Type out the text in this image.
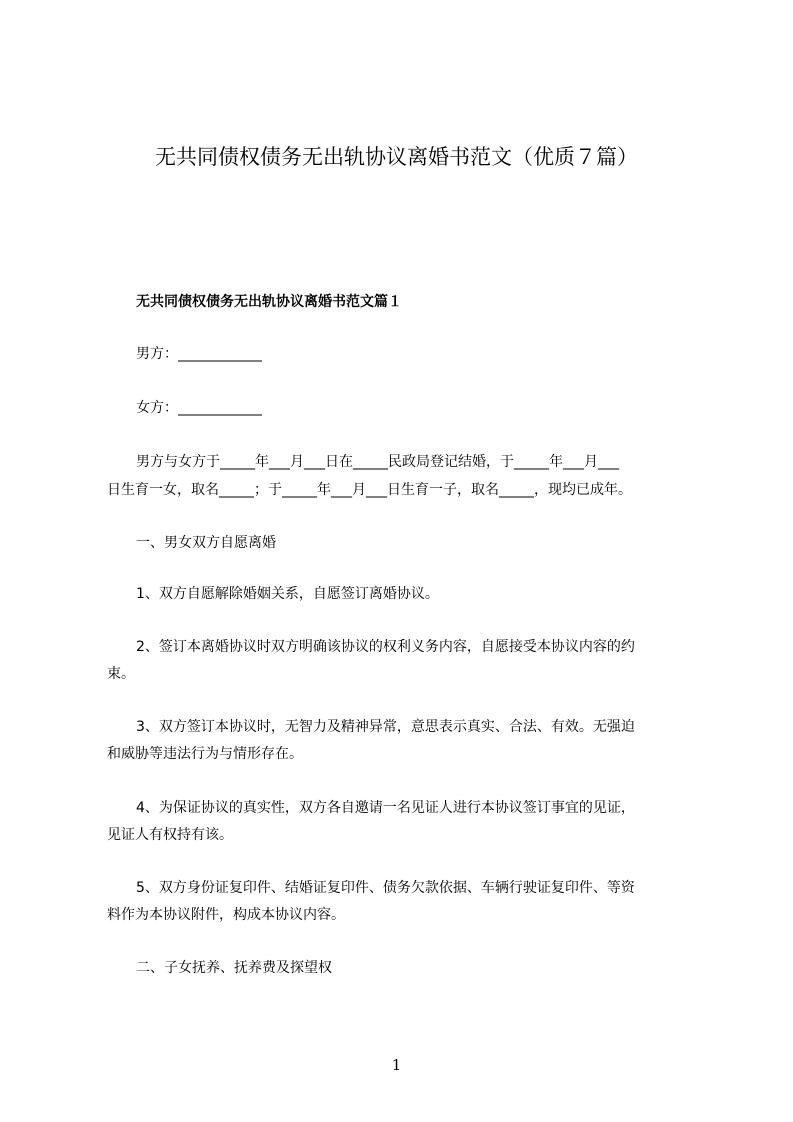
无共同债权债务无出轨协议离婚书范文（优质７篇）
无共同债权债务无出轨协议离婚书范文篇１
男方：____________
女方：____________
男方与女方于_____年___月___日在_____民政局登记结婚，于_____年___月___
日生育一女，取名_____；于_____年___月___日生育一子，取名_____，现均已成年。
一、男女双方自愿离婚
1、双方自愿解除婚姻关系，自愿签订离婚协议。
2、签订本离婚协议时双方明确该协议的权利义务内容，自愿接受本协议内容的约
束。
3、双方签订本协议时，无智力及精神异常，意思表示真实、合法、有效。无强迫
和威胁等违法行为与情形存在。
4、为保证协议的真实性，双方各自邀请一名见证人进行本协议签订事宜的见证，
见证人有权持有该。
5、双方身份证复印件、结婚证复印件、债务欠款依据、车辆行驶证复印件、等资
料作为本协议附件，构成本协议内容。
二、子女抚养、抚养费及探望权
1
